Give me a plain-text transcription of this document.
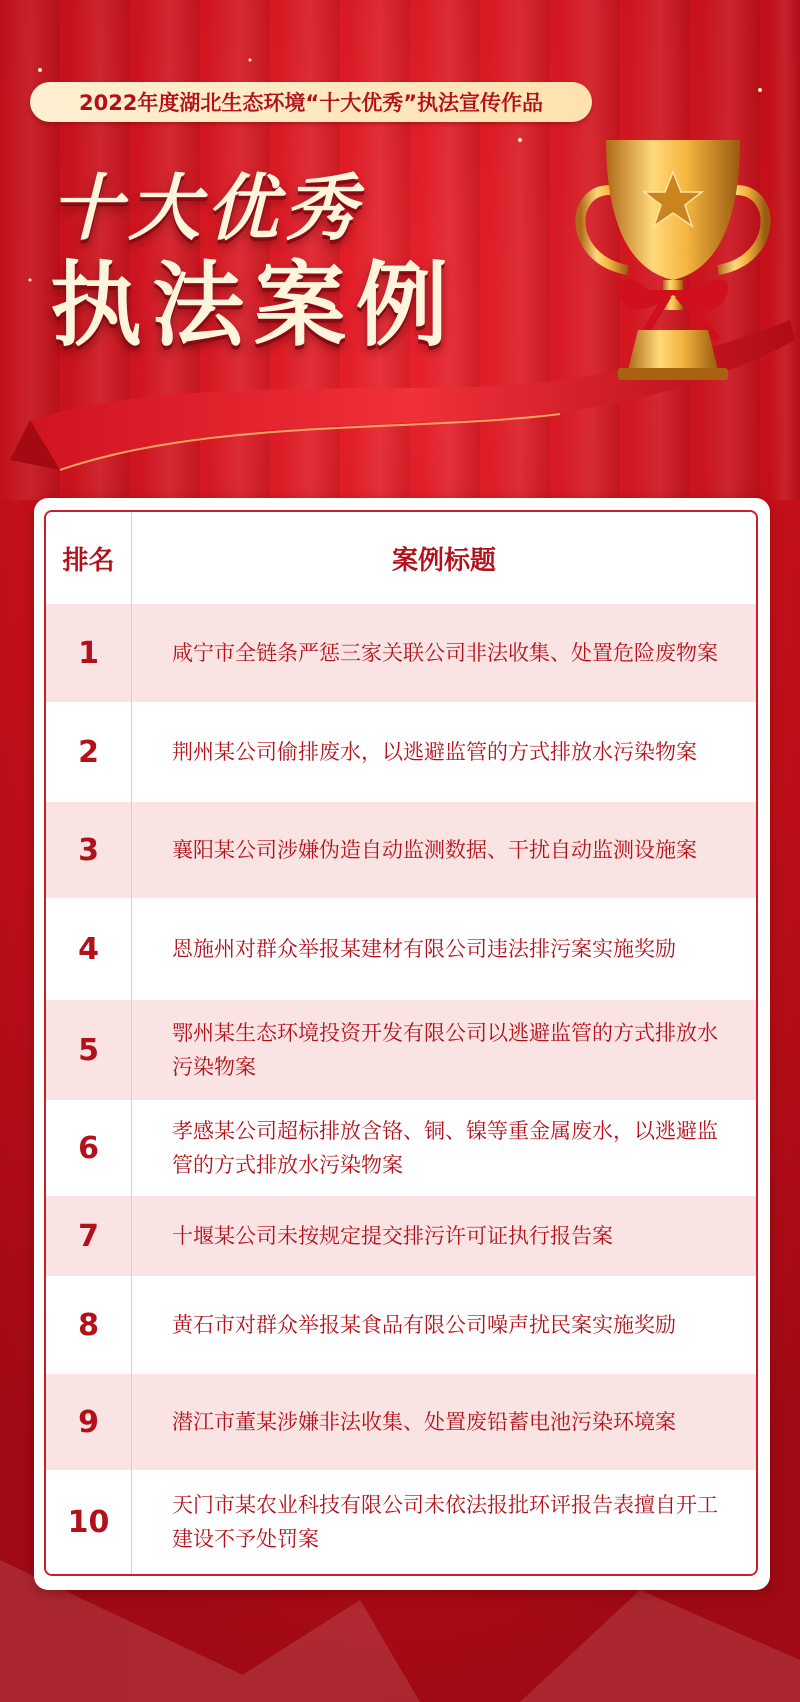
2022年度湖北生态环境“十大优秀”执法宣传作品
十大优秀
执法案例
排名	案例标题
1	咸宁市全链条严惩三家关联公司非法收集、处置危险废物案
2	荆州某公司偷排废水，以逃避监管的方式排放水污染物案
3	襄阳某公司涉嫌伪造自动监测数据、干扰自动监测设施案
4	恩施州对群众举报某建材有限公司违法排污案实施奖励
5	鄂州某生态环境投资开发有限公司以逃避监管的方式排放水污染物案
6	孝感某公司超标排放含铬、铜、镍等重金属废水，以逃避监管的方式排放水污染物案
7	十堰某公司未按规定提交排污许可证执行报告案
8	黄石市对群众举报某食品有限公司噪声扰民案实施奖励
9	潜江市董某涉嫌非法收集、处置废铅蓄电池污染环境案
10	天门市某农业科技有限公司未依法报批环评报告表擅自开工建设不予处罚案
